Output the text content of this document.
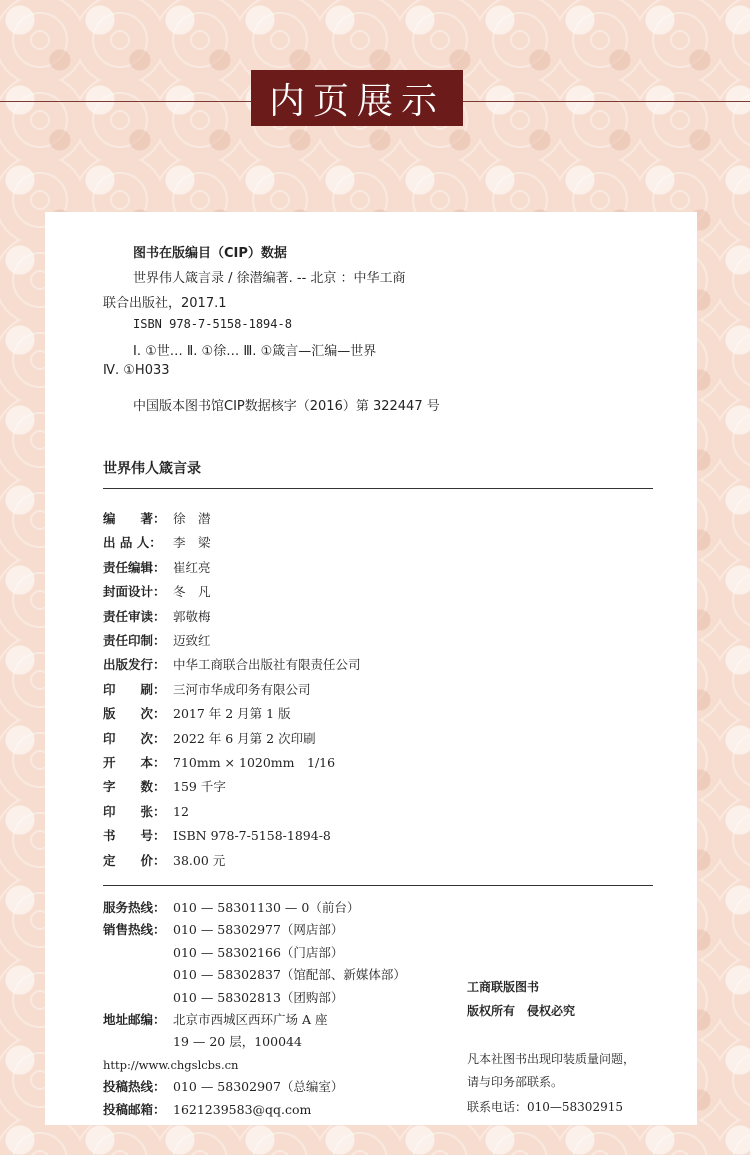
内页展示
图书在版编目（CIP）数据
世界伟人箴言录 / 徐潜编著. -- 北京 ：中华工商
联合出版社，2017.1
ISBN 978-7-5158-1894-8
Ⅰ. ①世… Ⅱ. ①徐… Ⅲ. ①箴言—汇编—世界
Ⅳ. ①H033
中国版本图书馆CIP数据核字（2016）第 322447 号
世界伟人箴言录
编　　著： 徐　潜
出 品 人： 李　梁
责任编辑： 崔红亮
封面设计： 冬　凡
责任审读： 郭敬梅
责任印制： 迈致红
出版发行： 中华工商联合出版社有限责任公司
印　　刷： 三河市华成印务有限公司
版　　次： 2017 年 2 月第 1 版
印　　次： 2022 年 6 月第 2 次印刷
开　　本： 710mm × 1020mm　1/16
字　　数： 159 千字
印　　张： 12
书　　号： ISBN 978-7-5158-1894-8
定　　价： 38.00 元
服务热线： 010 — 58301130 — 0（前台）
销售热线： 010 — 58302977（网店部）
010 — 58302166（门店部）
010 — 58302837（馆配部、新媒体部）
010 — 58302813（团购部）
地址邮编： 北京市西城区西环广场 A 座
19 — 20 层，100044
http://www.chgslcbs.cn
投稿热线： 010 — 58302907（总编室）
投稿邮箱： 1621239583@qq.com
工商联版图书
版权所有　侵权必究
凡本社图书出现印装质量问题，
请与印务部联系。
联系电话：010—58302915
